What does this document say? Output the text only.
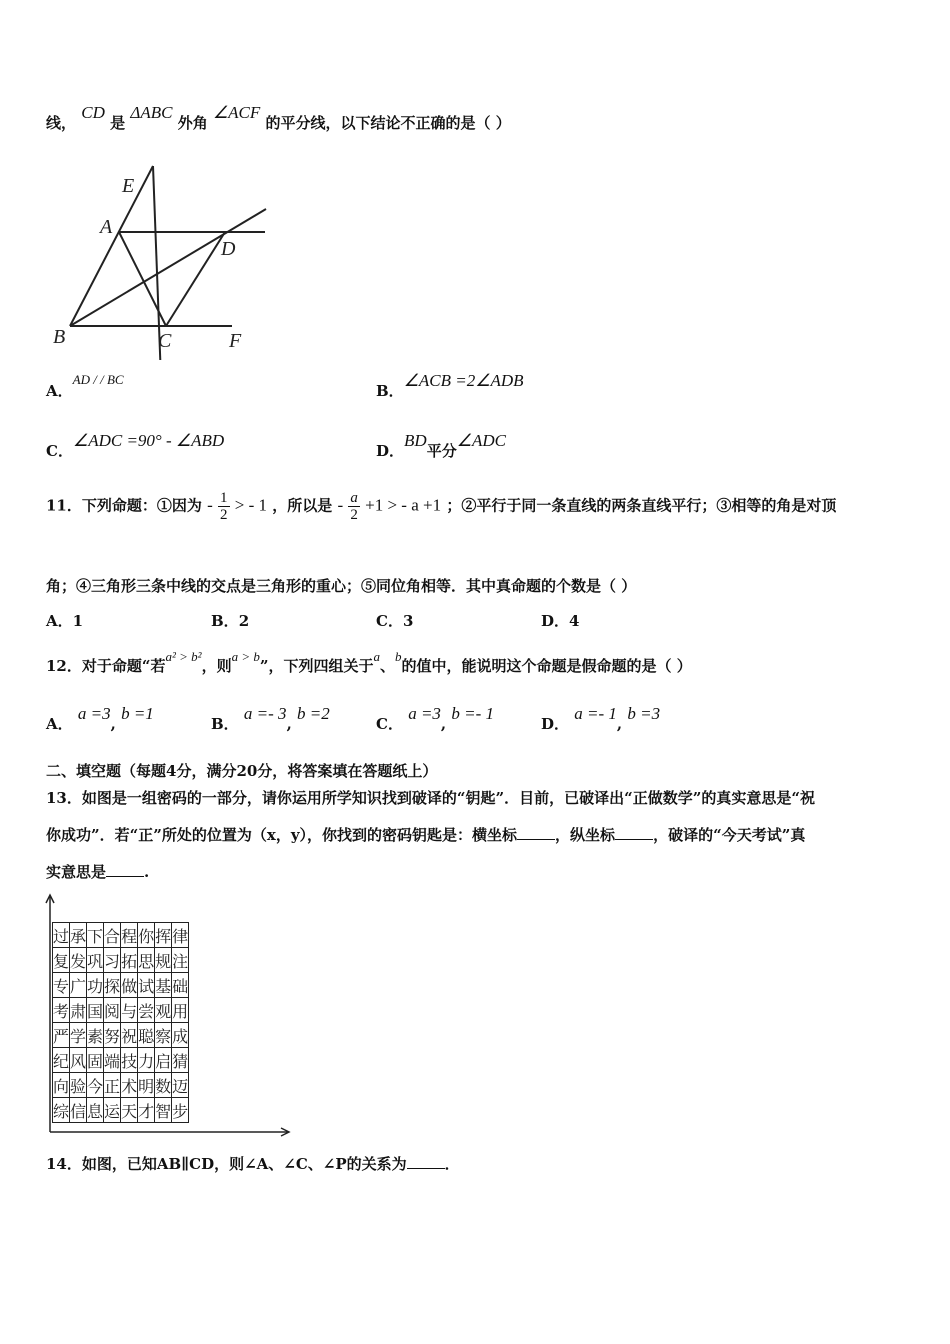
线， CD 是 ΔABC 外角 ∠ACF 的平分线，以下结论不正确的是（ ）
E
A
D
B	C	F
A．AD / / BC
B．∠ACB =2∠ADB
C．∠ADC =90° - ∠ABD
D．BD平分∠ADC
11．下列命题：①因为 - $\frac{1}{2}$ > - 1 ，所以是 - $\frac{a}{2} +1$ > - a +1 ；②平行于同一条直线的两条直线平行；③相等的角是对顶
角；④三角形三条中线的交点是三角形的重心；⑤同位角相等．其中真命题的个数是（ ）
A．1	B．2	C．3	D．4
12．对于命题“若a² > b²，则a > b”，下列四组关于a、b的值中，能说明这个命题是假命题的是（ ）
A． a =3, b =1
B． a =- 3, b =2
C． a =3, b =- 1
D． a =- 1, b =3
二、填空题（每题4分，满分20分，将答案填在答题纸上）
13．如图是一组密码的一部分，请你运用所学知识找到破译的“钥匙”．目前，已破译出“正做数学”的真实意思是“祝
你成功”．若“正”所处的位置为（x，y），你找到的密码钥匙是：横坐标	，纵坐标	，破译的“今天考试”真
实意思是	.
过	承	下	合	程	你	挥	律
复	发	巩	习	拓	思	规	注
专	广	功	探	做	试	基	础
考	肃	国	阅	与	尝	观	用
严	学	素	努	祝	聪	察	成
纪	风	固	端	技	力	启	猜
向	验	今	正	术	明	数	迈
综	信	息	运	天	才	智	步
14．如图，已知AB∥CD，则∠A、∠C、∠P的关系为	．
